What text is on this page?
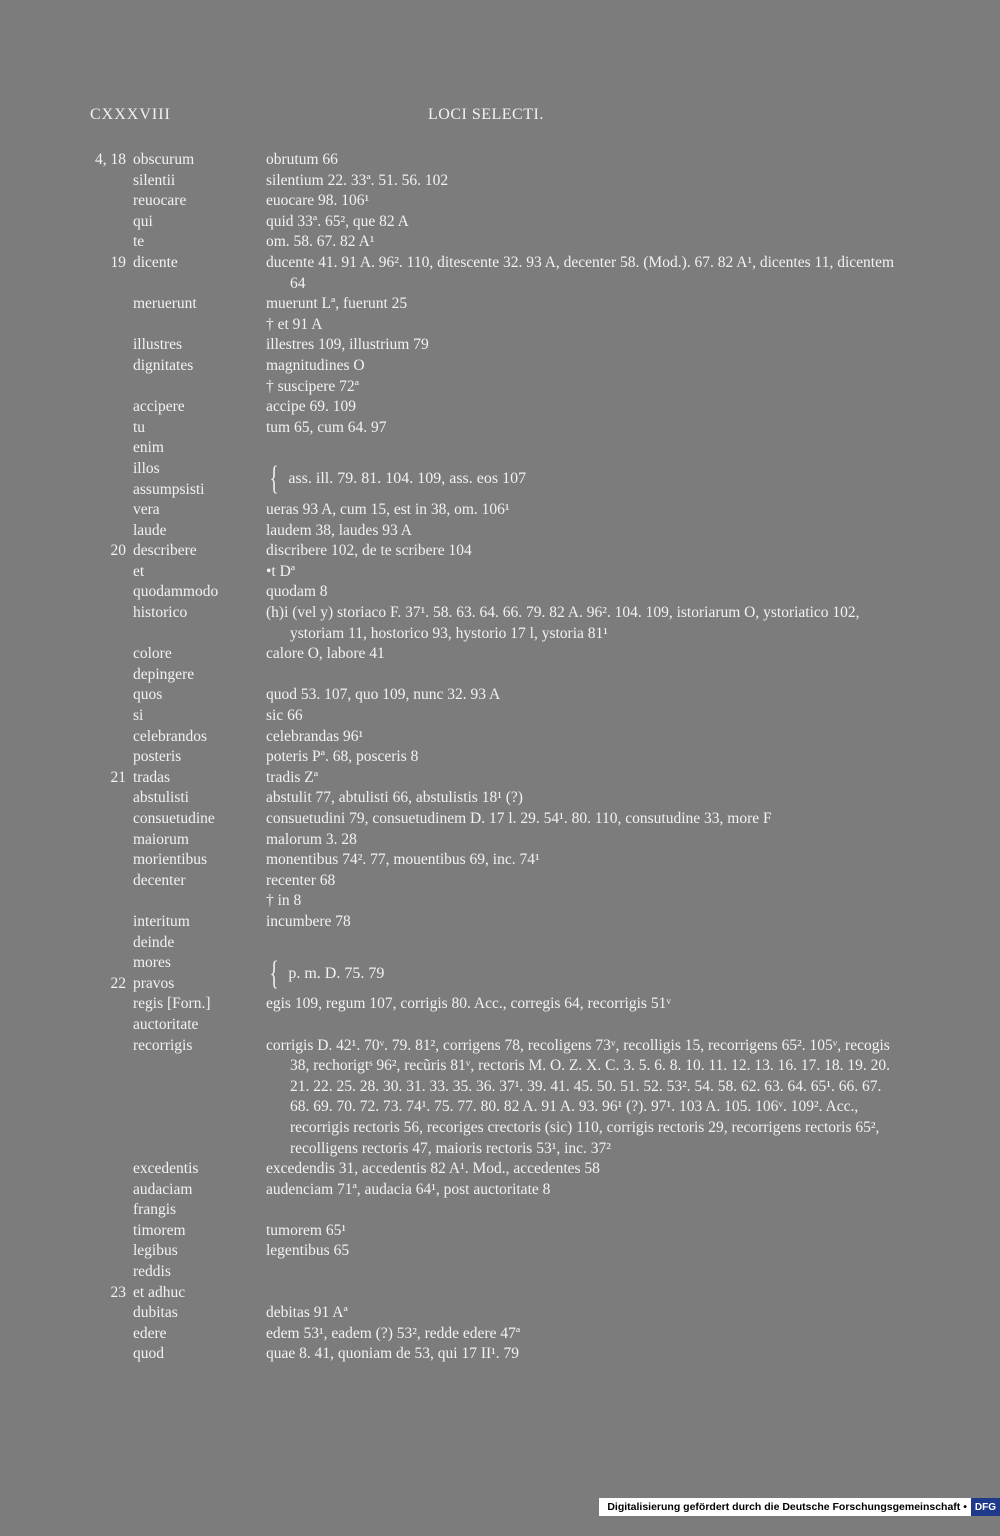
CXXXVIII	LOCI SELECTI.
4, 18 obscurum	obrutum 66
silentii	silentium 22. 33ª. 51. 56. 102
reuocare	euocare 98. 106¹
qui	quid 33ª. 65², que 82 A
te	om. 58. 67. 82 A¹
19 dicente	ducente 41. 91 A. 96². 110, ditescente 32. 93 A, decenter 58. (Mod.). 67. 82 A¹, dicentes 11, dicentem 64
meruerunt	muerunt Lª, fuerunt 25
† et 91 A
illustres	illestres 109, illustrium 79
dignitates	magnitudines O
† suscipere 72ª
accipere	accipe 69. 109
tu	tum 65, cum 64. 97
enim
illos
assumpsisti	{ ass. ill. 79. 81. 104. 109, ass. eos 107
vera	ueras 93 A, cum 15, est in 38, om. 106¹
laude	laudem 38, laudes 93 A
20 describere	discribere 102, de te scribere 104
et	•t Dª
quodammodo	quodam 8
historico	(h)i (vel y) storiaco F. 37¹. 58. 63. 64. 66. 79. 82 A. 96². 104. 109, istoriarum O, ystoriatico 102, ystoriam 11, hostorico 93, hystorio 17 l, ystoria 81¹
colore	calore O, labore 41
depingere
quos	quod 53. 107, quo 109, nunc 32. 93 A
si	sic 66
celebrandos	celebrandas 96¹
posteris	poteris Pª. 68, posceris 8
21 tradas	tradis Zª
abstulisti	abstulit 77, abtulisti 66, abstulistis 18¹ (?)
consuetudine	consuetudini 79, consuetudinem D. 17 l. 29. 54¹. 80. 110, consutudine 33, more F
maiorum	malorum 3. 28
morientibus	monentibus 74². 77, mouentibus 69, inc. 74¹
decenter	recenter 68
† in 8
interitum	incumbere 78
deinde
mores
22 pravos	{ p. m. D. 75. 79
regis [Forn.]	egis 109, regum 107, corrigis 80. Acc., corregis 64, recorrigis 51ᵛ
auctoritate
recorrigis	corrigis D. 42¹. 70ᵛ. 79. 81², corrigens 78, recoligens 73ᵛ, recolligis 15, recorrigens 65². 105ᵛ, recogis 38, rechorigtˢ 96², recũris 81ᵛ, rectoris M. O. Z. X. C. 3. 5. 6. 8. 10. 11. 12. 13. 16. 17. 18. 19. 20. 21. 22. 25. 28. 30. 31. 33. 35. 36. 37¹. 39. 41. 45. 50. 51. 52. 53². 54. 58. 62. 63. 64. 65¹. 66. 67. 68. 69. 70. 72. 73. 74¹. 75. 77. 80. 82 A. 91 A. 93. 96¹ (?). 97¹. 103 A. 105. 106ᵛ. 109². Acc., recorrigis rectoris 56, recoriges crectoris (sic) 110, corrigis rectoris 29, recorrigens rectoris 65², recolligens rectoris 47, maioris rectoris 53¹, inc. 37²
excedentis	excedendis 31, accedentis 82 A¹. Mod., accedentes 58
audaciam	audenciam 71ª, audacia 64¹, post auctoritate 8
frangis
timorem	tumorem 65¹
legibus	legentibus 65
reddis
23 et adhuc
dubitas	debitas 91 Aª
edere	edem 53¹, eadem (?) 53², redde edere 47ª
quod	quae 8. 41, quoniam de 53, qui 17 II¹. 79
Digitalisierung gefördert durch die Deutsche Forschungsgemeinschaft • DFG
